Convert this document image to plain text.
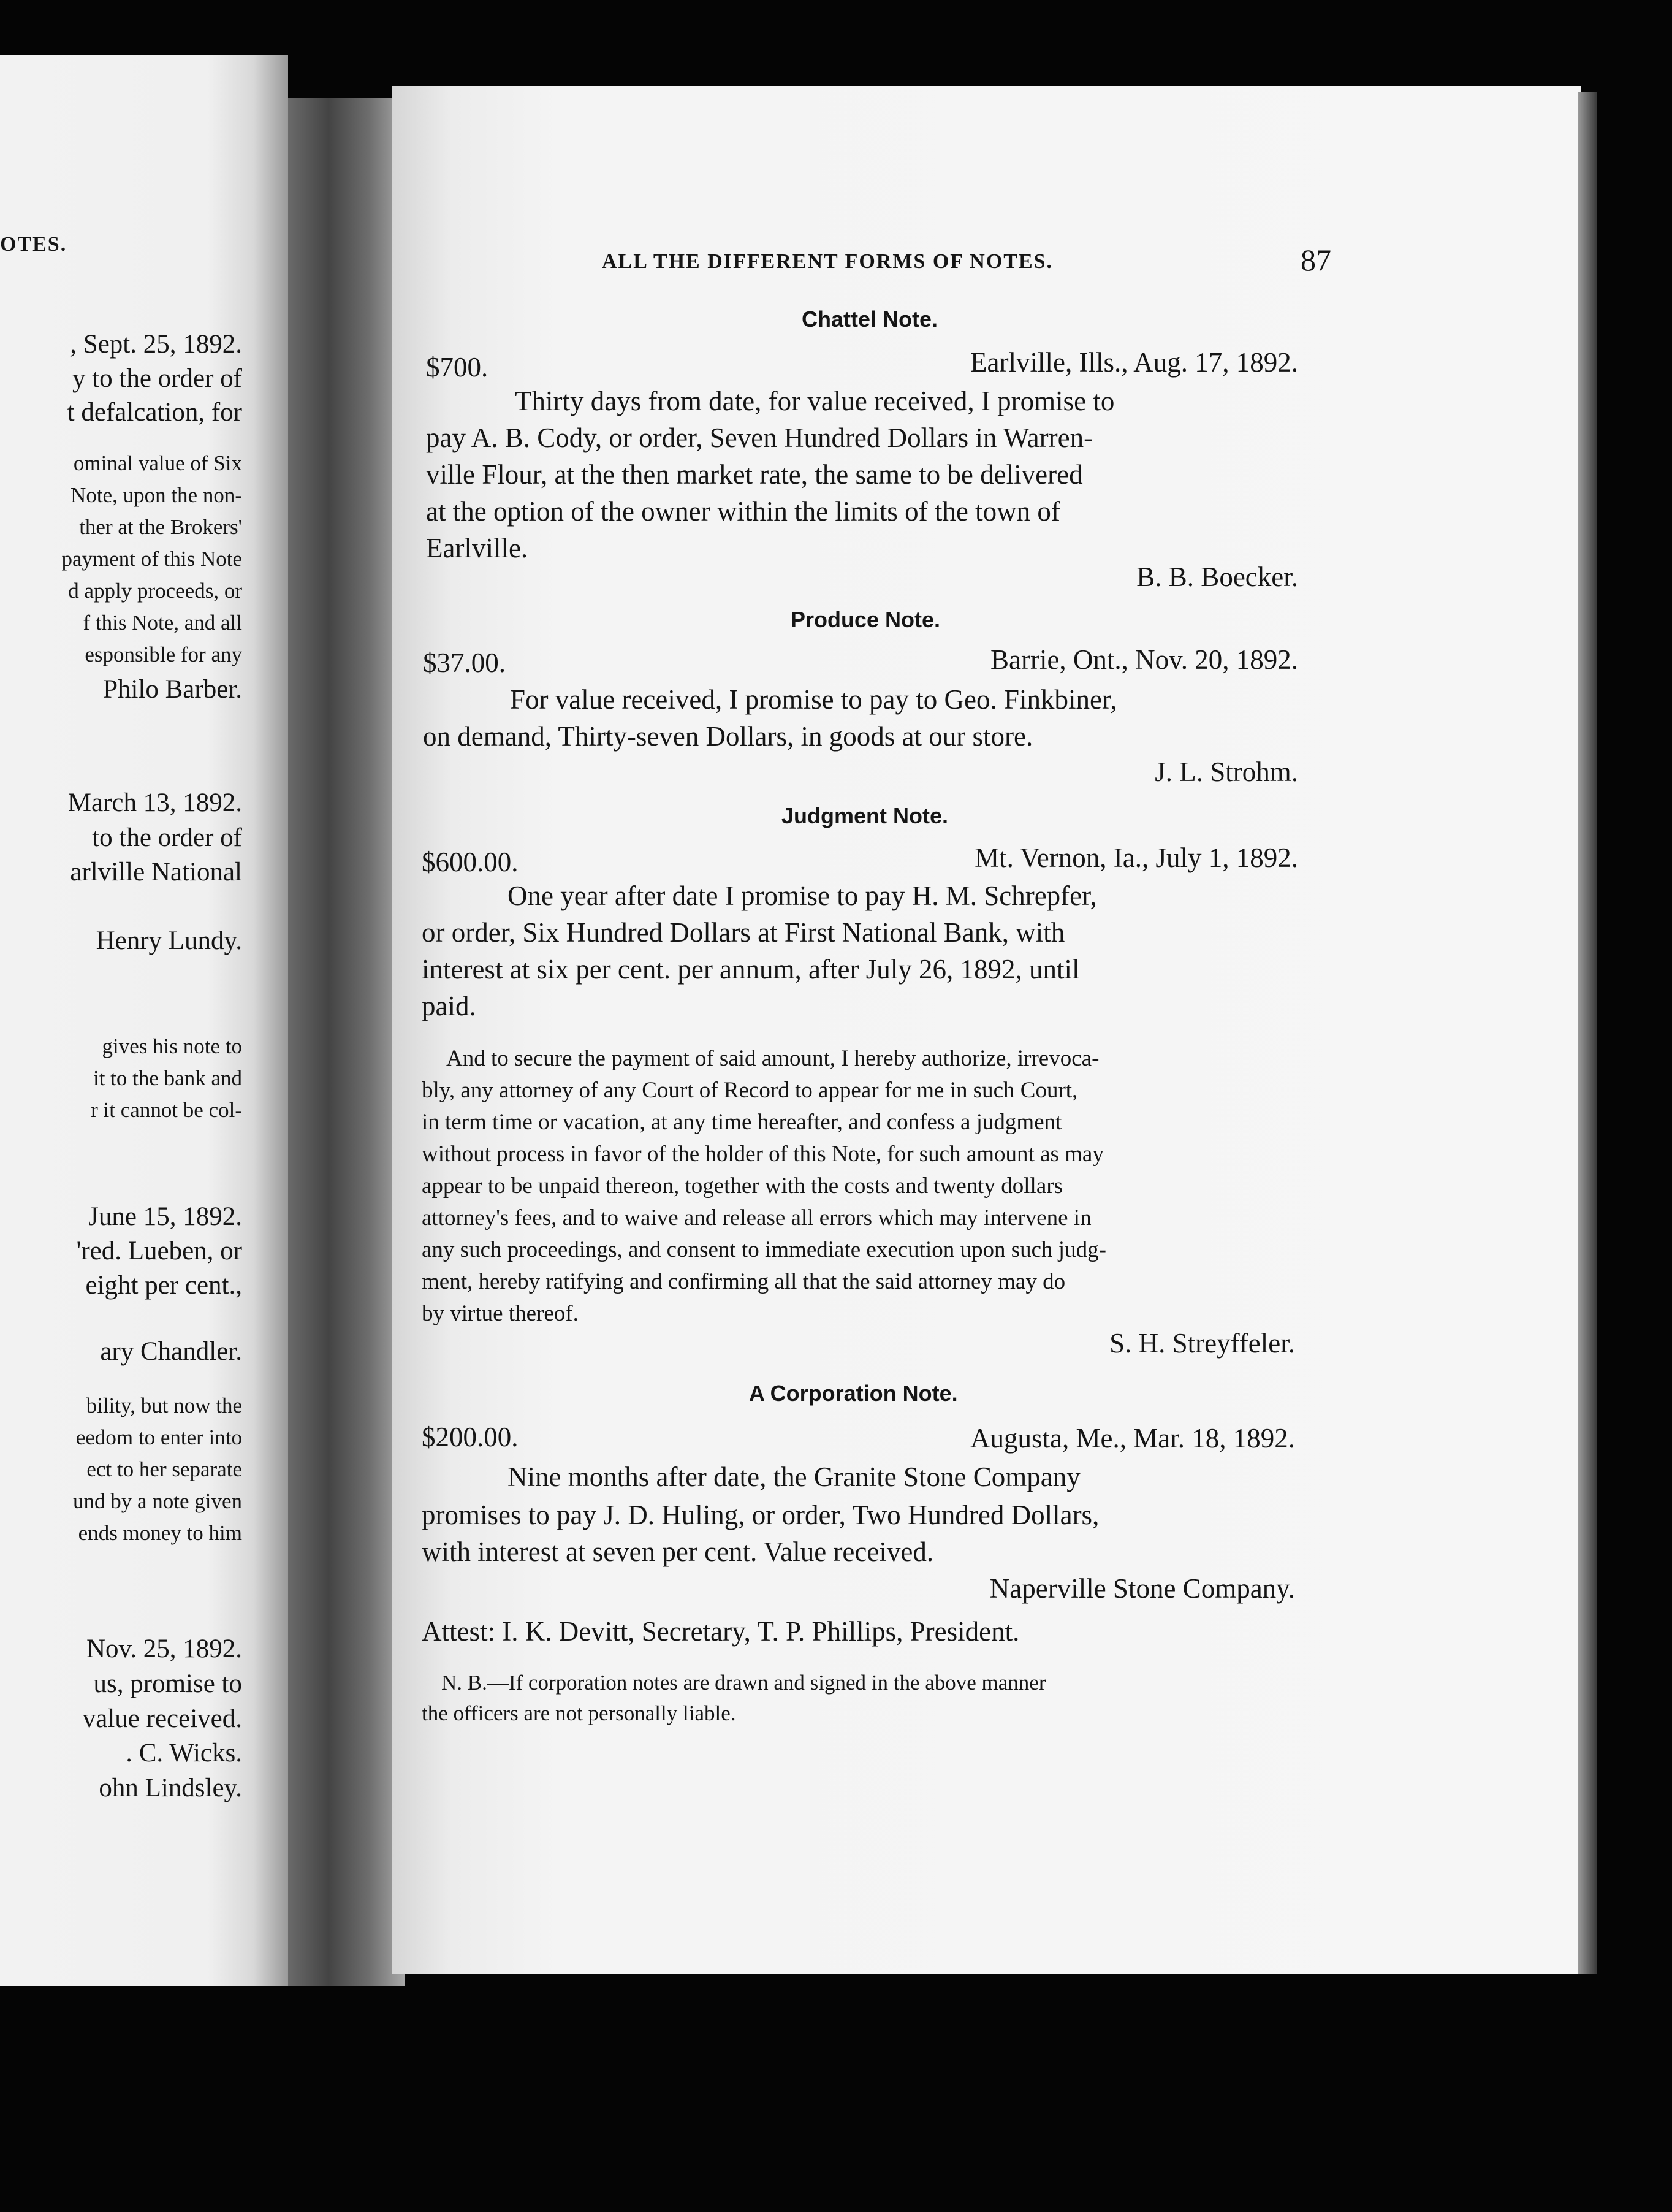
OTES.
, Sept. 25, 1892.
y to the order of
t defalcation, for
ominal value of Six
Note, upon the non-
ther at the Brokers'
payment of this Note
d apply proceeds, or
f this Note, and all
esponsible for any
Philo Barber.
March 13, 1892.
to the order of
arlville National
Henry Lundy.
gives his note to
it to the bank and
r it cannot be col-
June 15, 1892.
'red. Lueben, or
eight per cent.,
ary Chandler.
bility, but now the
eedom to enter into
ect to her separate
und by a note given
ends money to him
Nov. 25, 1892.
us, promise to
value received.
. C. Wicks.
ohn Lindsley.
ALL THE DIFFERENT FORMS OF NOTES.	87
Chattel Note.
$700.	Earlville, Ills., Aug. 17, 1892.
Thirty days from date, for value received, I promise to
pay A. B. Cody, or order, Seven Hundred Dollars in Warren-
ville Flour, at the then market rate, the same to be delivered
at the option of the owner within the limits of the town of
Earlville.
B. B. Boecker.
Produce Note.
$37.00.	Barrie, Ont., Nov. 20, 1892.
For value received, I promise to pay to Geo. Finkbiner,
on demand, Thirty-seven Dollars, in goods at our store.
J. L. Strohm.
Judgment Note.
$600.00.	Mt. Vernon, Ia., July 1, 1892.
One year after date I promise to pay H. M. Schrepfer,
or order, Six Hundred Dollars at First National Bank, with
interest at six per cent. per annum, after July 26, 1892, until
paid.
And to secure the payment of said amount, I hereby authorize, irrevoca-
bly, any attorney of any Court of Record to appear for me in such Court,
in term time or vacation, at any time hereafter, and confess a judgment
without process in favor of the holder of this Note, for such amount as may
appear to be unpaid thereon, together with the costs and twenty dollars
attorney's fees, and to waive and release all errors which may intervene in
any such proceedings, and consent to immediate execution upon such judg-
ment, hereby ratifying and confirming all that the said attorney may do
by virtue thereof.
S. H. Streyffeler.
A Corporation Note.
$200.00.	Augusta, Me., Mar. 18, 1892.
Nine months after date, the Granite Stone Company
promises to pay J. D. Huling, or order, Two Hundred Dollars,
with interest at seven per cent. Value received.
Naperville Stone Company.
Attest: I. K. Devitt, Secretary, T. P. Phillips, President.
N. B.—If corporation notes are drawn and signed in the above manner
the officers are not personally liable.
